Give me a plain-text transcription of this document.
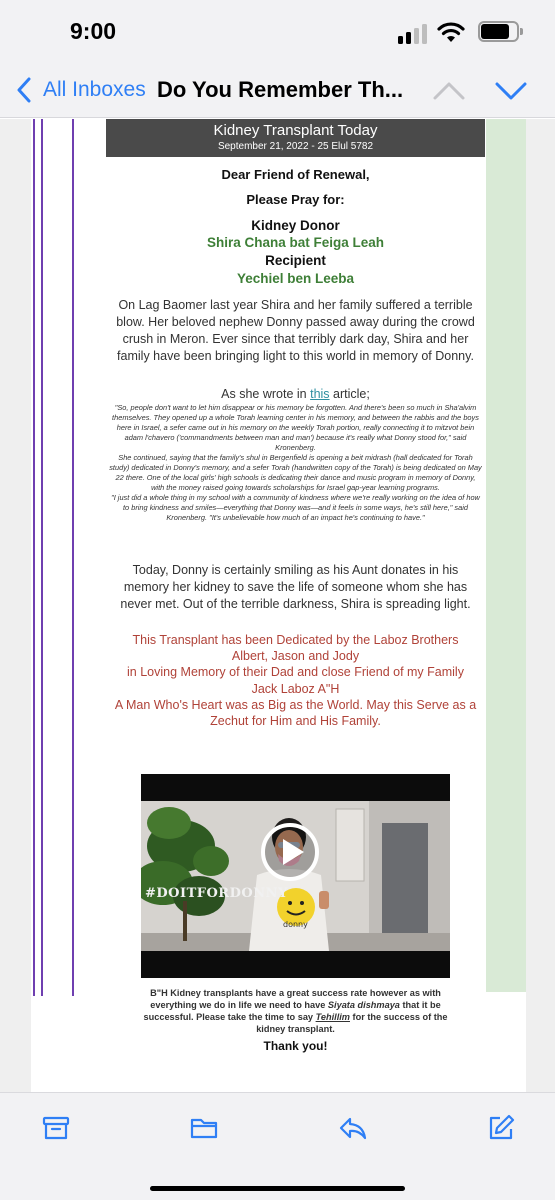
9:00
All Inboxes Do You Remember Th...
Kidney Transplant Today
September 21, 2022 - 25 Elul 5782
Dear Friend of Renewal,
Please Pray for:
Kidney Donor
Shira Chana bat Feiga Leah
Recipient
Yechiel ben Leeba
On Lag Baomer last year Shira and her family suffered a terrible blow. Her beloved nephew Donny passed away during the crowd crush in Meron. Ever since that terribly dark day, Shira and her family have been bringing light to this world in memory of Donny.
As she wrote in this article;
"So, people don't want to let him disappear or his memory be forgotten. And there's been so much in Sha'alvim themselves. They opened up a whole Torah learning center in his memory, and between the rabbis and the boys here in Israel, a sefer came out in his memory on the weekly Torah portion, really connecting it to mitzvot bein adam l'chavero ('commandments between man and man') because it's really what Donny stood for," said Kronenberg.
She continued, saying that the family's shul in Bergenfield is opening a beit midrash (hall dedicated for Torah study) dedicated in Donny's memory, and a sefer Torah (handwritten copy of the Torah) is being dedicated on May 22 there. One of the local girls' high schools is dedicating their dance and music program in memory of Donny, with the money raised going towards scholarships for Israel gap-year learning programs.
"I just did a whole thing in my school with a community of kindness where we're really working on the idea of how to bring kindness and smiles—everything that Donny was—and it feels in some ways, he's still here," said Kronenberg. "It's unbelievable how much of an impact he's continuing to have."
Today, Donny is certainly smiling as his Aunt donates in his memory her kidney to save the life of someone whom she has never met. Out of the terrible darkness, Shira is spreading light.
This Transplant has been Dedicated by the Laboz Brothers
Albert, Jason and Jody
in Loving Memory of their Dad and close Friend of my Family
Jack Laboz A"H
A Man Who's Heart was as Big as the World. May this Serve as a Zechut for Him and His Family.
donny
#DOITFORDONNY
B"H Kidney transplants have a great success rate however as with everything we do in life we need to have Siyata dishmaya that it be successful. Please take the time to say Tehillim for the success of the kidney transplant.
Thank you!
